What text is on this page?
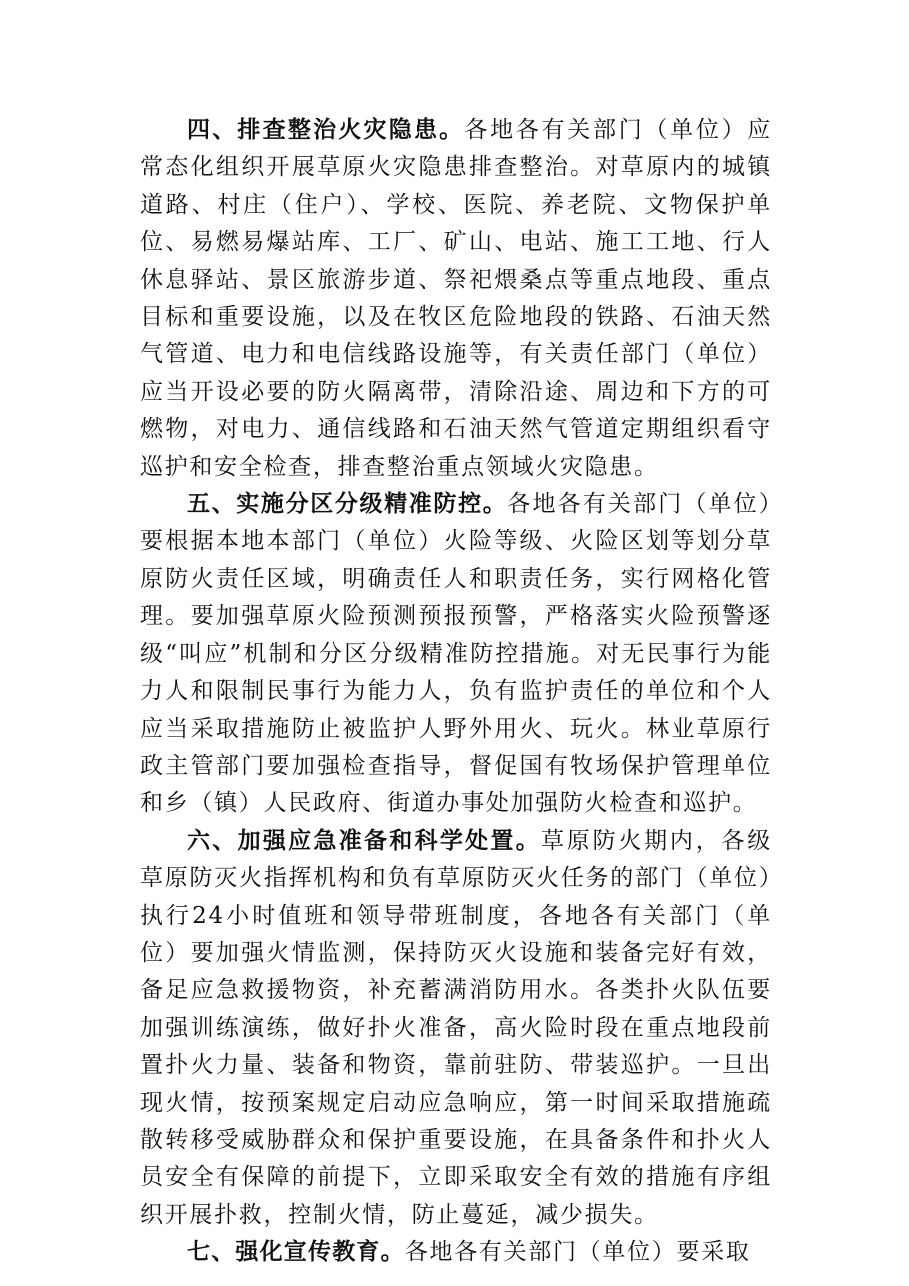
四、排查整治火灾隐患。各地各有关部门（单位）应常态化组织开展草原火灾隐患排查整治。对草原内的城镇道路、村庄（住户）、学校、医院、养老院、文物保护单位、易燃易爆站库、工厂、矿山、电站、施工工地、行人休息驿站、景区旅游步道、祭祀煨桑点等重点地段、重点目标和重要设施，以及在牧区危险地段的铁路、石油天然气管道、电力和电信线路设施等，有关责任部门（单位）应当开设必要的防火隔离带，清除沿途、周边和下方的可燃物，对电力、通信线路和石油天然气管道定期组织看守巡护和安全检查，排查整治重点领域火灾隐患。

五、实施分区分级精准防控。各地各有关部门（单位）要根据本地本部门（单位）火险等级、火险区划等划分草原防火责任区域，明确责任人和职责任务，实行网格化管理。要加强草原火险预测预报预警，严格落实火险预警逐级“叫应”机制和分区分级精准防控措施。对无民事行为能力人和限制民事行为能力人，负有监护责任的单位和个人应当采取措施防止被监护人野外用火、玩火。林业草原行政主管部门要加强检查指导，督促国有牧场保护管理单位和乡（镇）人民政府、街道办事处加强防火检查和巡护。

六、加强应急准备和科学处置。草原防火期内，各级草原防灭火指挥机构和负有草原防灭火任务的部门（单位）执行24小时值班和领导带班制度，各地各有关部门（单位）要加强火情监测，保持防灭火设施和装备完好有效，备足应急救援物资，补充蓄满消防用水。各类扑火队伍要加强训练演练，做好扑火准备，高火险时段在重点地段前置扑火力量、装备和物资，靠前驻防、带装巡护。一旦出现火情，按预案规定启动应急响应，第一时间采取措施疏散转移受威胁群众和保护重要设施，在具备条件和扑火人员安全有保障的前提下，立即采取安全有效的措施有序组织开展扑救，控制火情，防止蔓延，减少损失。

七、强化宣传教育。各地各有关部门（单位）要采取
